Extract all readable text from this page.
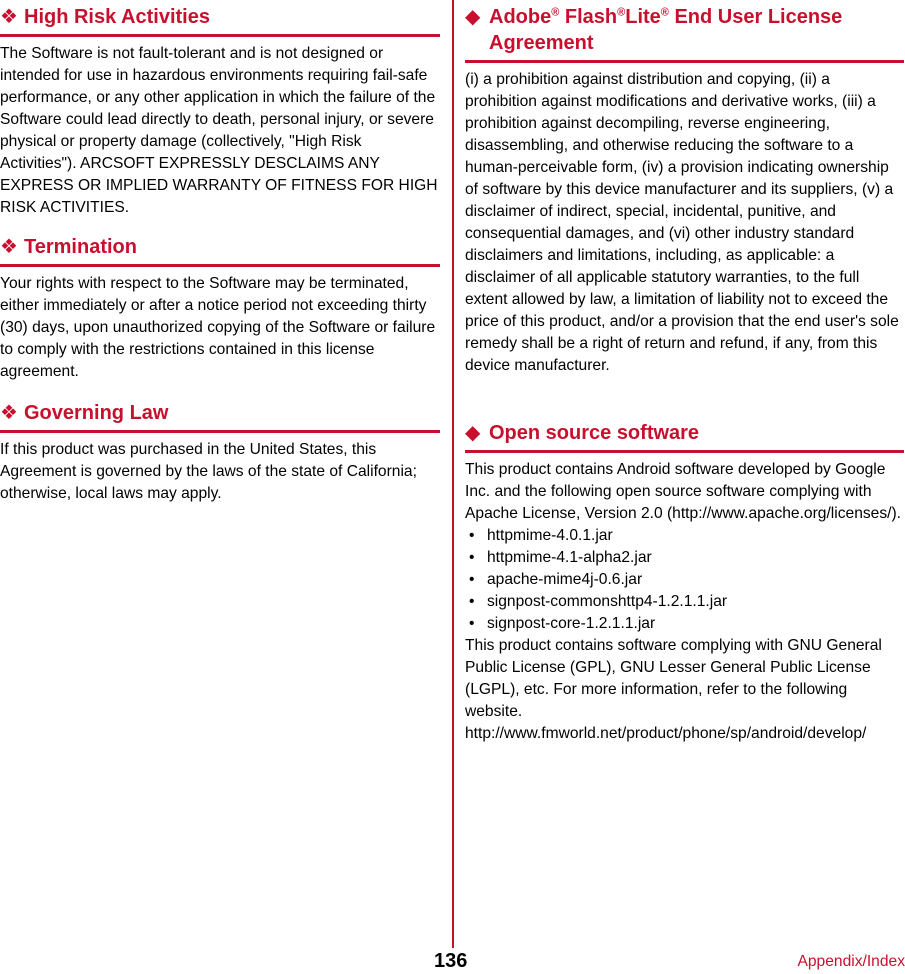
❖ High Risk Activities

The Software is not fault-tolerant and is not designed or intended for use in hazardous environments requiring fail-safe performance, or any other application in which the failure of the Software could lead directly to death, personal injury, or severe physical or property damage (collectively, "High Risk Activities"). ARCSOFT EXPRESSLY DESCLAIMS ANY EXPRESS OR IMPLIED WARRANTY OF FITNESS FOR HIGH RISK ACTIVITIES.

❖ Termination

Your rights with respect to the Software may be terminated, either immediately or after a notice period not exceeding thirty (30) days, upon unauthorized copying of the Software or failure to comply with the restrictions contained in this license agreement.

❖ Governing Law

If this product was purchased in the United States, this Agreement is governed by the laws of the state of California; otherwise, local laws may apply.

◆ Adobe® Flash®Lite® End User License Agreement

(i) a prohibition against distribution and copying, (ii) a prohibition against modifications and derivative works, (iii) a prohibition against decompiling, reverse engineering, disassembling, and otherwise reducing the software to a human-perceivable form, (iv) a provision indicating ownership of software by this device manufacturer and its suppliers, (v) a disclaimer of indirect, special, incidental, punitive, and consequential damages, and (vi) other industry standard disclaimers and limitations, including, as applicable: a disclaimer of all applicable statutory warranties, to the full extent allowed by law, a limitation of liability not to exceed the price of this product, and/or a provision that the end user's sole remedy shall be a right of return and refund, if any, from this device manufacturer.

◆ Open source software

This product contains Android software developed by Google Inc. and the following open source software complying with Apache License, Version 2.0 (http://www.apache.org/licenses/).

• httpmime-4.0.1.jar
• httpmime-4.1-alpha2.jar
• apache-mime4j-0.6.jar
• signpost-commonshttp4-1.2.1.1.jar
• signpost-core-1.2.1.1.jar

This product contains software complying with GNU General Public License (GPL), GNU Lesser General Public License (LGPL), etc. For more information, refer to the following website.

http://www.fmworld.net/product/phone/sp/android/develop/

136	Appendix/Index
